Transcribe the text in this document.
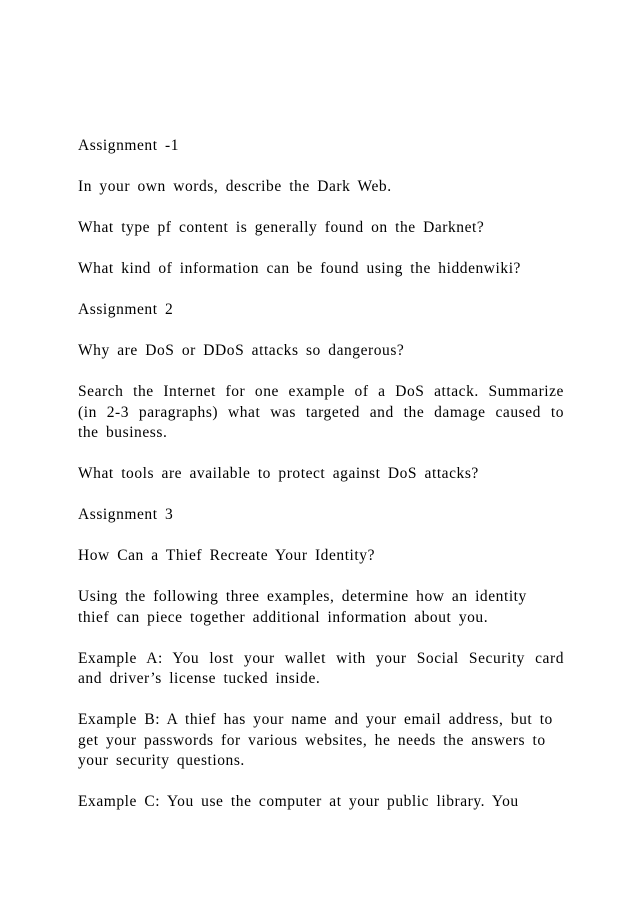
Assignment -1

In your own words, describe the Dark Web.

What type pf content is generally found on the Darknet?

What kind of information can be found using the hiddenwiki?

Assignment 2

Why are DoS or DDoS attacks so dangerous?

Search the Internet for one example of a DoS attack. Summarize (in 2-3 paragraphs) what was targeted and the damage caused to the business.

What tools are available to protect against DoS attacks?

Assignment 3

How Can a Thief Recreate Your Identity?

Using the following three examples, determine how an identity thief can piece together additional information about you.

Example A: You lost your wallet with your Social Security card and driver’s license tucked inside.

Example B: A thief has your name and your email address, but to get your passwords for various websites, he needs the answers to your security questions.

Example C: You use the computer at your public library. You
